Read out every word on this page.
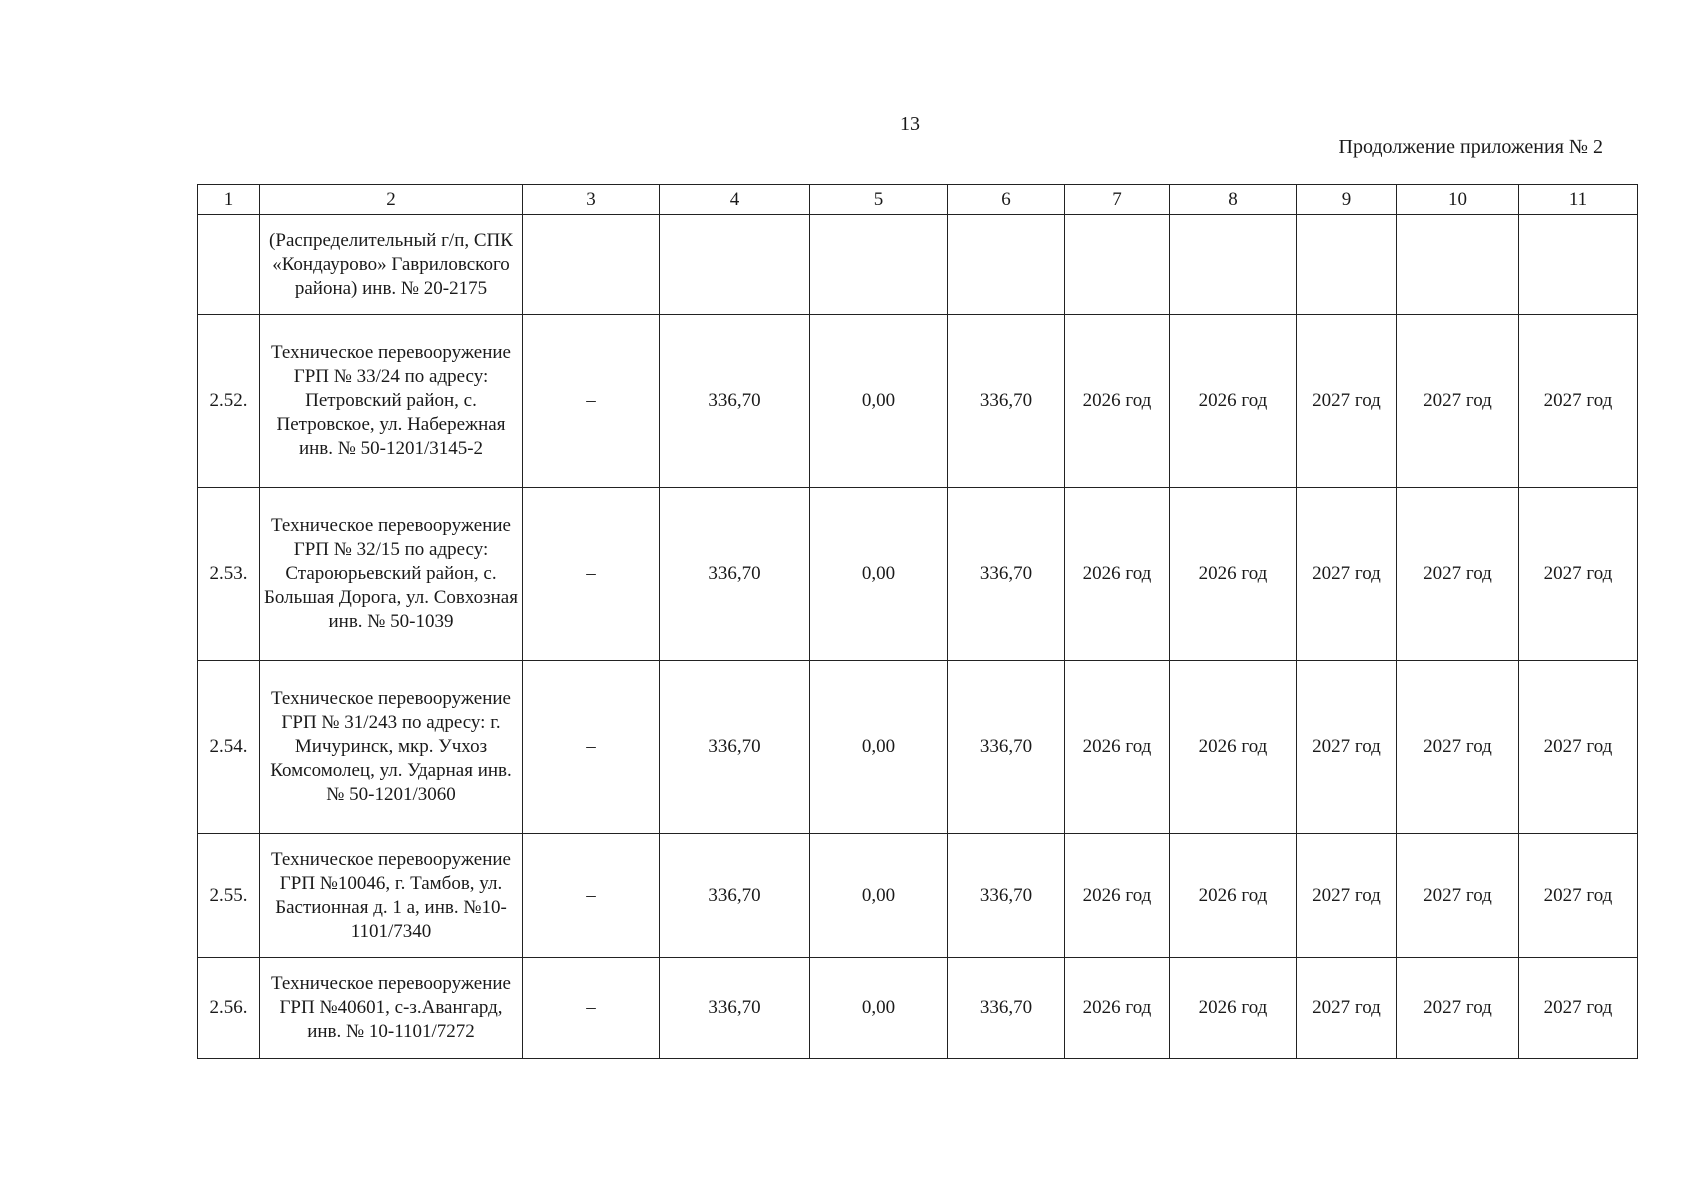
13
Продолжение приложения № 2
1	2	3	4	5	6	7	8	9	10	11
	(Распределительный г/п, СПК «Кондаурово» Гавриловского района) инв. № 20-2175									
2.52.	Техническое перевооружение ГРП № 33/24 по адресу: Петровский район, с. Петровское, ул. Набережная инв. № 50-1201/3145-2	–	336,70	0,00	336,70	2026 год	2026 год	2027 год	2027 год	2027 год
2.53.	Техническое перевооружение ГРП № 32/15 по адресу: Староюрьевский район, с. Большая Дорога, ул. Совхозная инв. № 50-1039	–	336,70	0,00	336,70	2026 год	2026 год	2027 год	2027 год	2027 год
2.54.	Техническое перевооружение ГРП № 31/243 по адресу: г. Мичуринск, мкр. Учхоз Комсомолец, ул. Ударная инв. № 50-1201/3060	–	336,70	0,00	336,70	2026 год	2026 год	2027 год	2027 год	2027 год
2.55.	Техническое перевооружение ГРП №10046, г. Тамбов, ул. Бастионная д. 1 а, инв. №10-1101/7340	–	336,70	0,00	336,70	2026 год	2026 год	2027 год	2027 год	2027 год
2.56.	Техническое перевооружение ГРП №40601, с-з.Авангард, инв. № 10-1101/7272	–	336,70	0,00	336,70	2026 год	2026 год	2027 год	2027 год	2027 год
